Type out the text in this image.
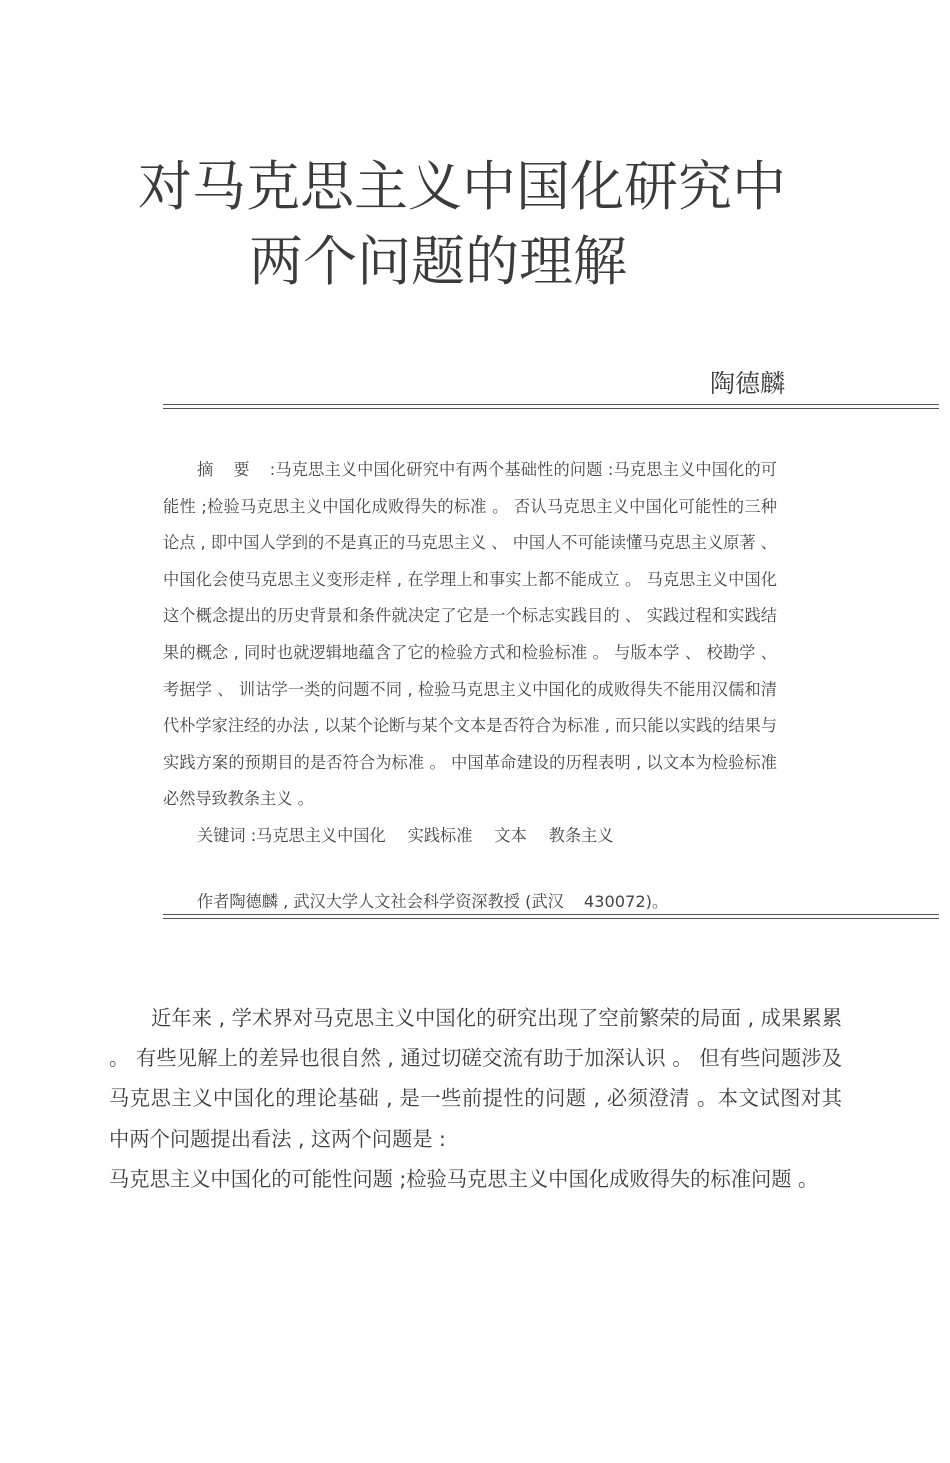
对马克思主义中国化研究中
两个问题的理解
陶德麟

摘要:马克思主义中国化研究中有两个基础性的问题 :马克思主义中国化的可能性 ;检验马克思主义中国化成败得失的标准 。 否认马克思主义中国化可能性的三种论点 , 即中国人学到的不是真正的马克思主义 、 中国人不可能读懂马克思主义原著 、 中国化会使马克思主义变形走样 , 在学理上和事实上都不能成立 。 马克思主义中国化这个概念提出的历史背景和条件就决定了它是一个标志实践目的 、 实践过程和实践结果的概念 , 同时也就逻辑地蕴含了它的检验方式和检验标准 。 与版本学 、 校勘学 、 考据学 、 训诂学一类的问题不同 , 检验马克思主义中国化的成败得失不能用汉儒和清代朴学家注经的办法 , 以某个论断与某个文本是否符合为标准 , 而只能以实践的结果与实践方案的预期目的是否符合为标准 。 中国革命建设的历程表明 , 以文本为检验标准必然导致教条主义 。

关键词 :马克思主义中国化 实践标准 文本 教条主义
作者陶德麟 , 武汉大学人文社会科学资深教授 (武汉 430072)。

近年来 , 学术界对马克思主义中国化的研究出现了空前繁荣的局面 , 成果累累 。 有些见解上的差异也很自然 , 通过切磋交流有助于加深认识 。 但有些问题涉及马克思主义中国化的理论基础 , 是一些前提性的问题 , 必须澄清 。本文试图对其中两个问题提出看法 , 这两个问题是 :

马克思主义中国化的可能性问题 ;检验马克思主义中国化成败得失的标准问题 。
